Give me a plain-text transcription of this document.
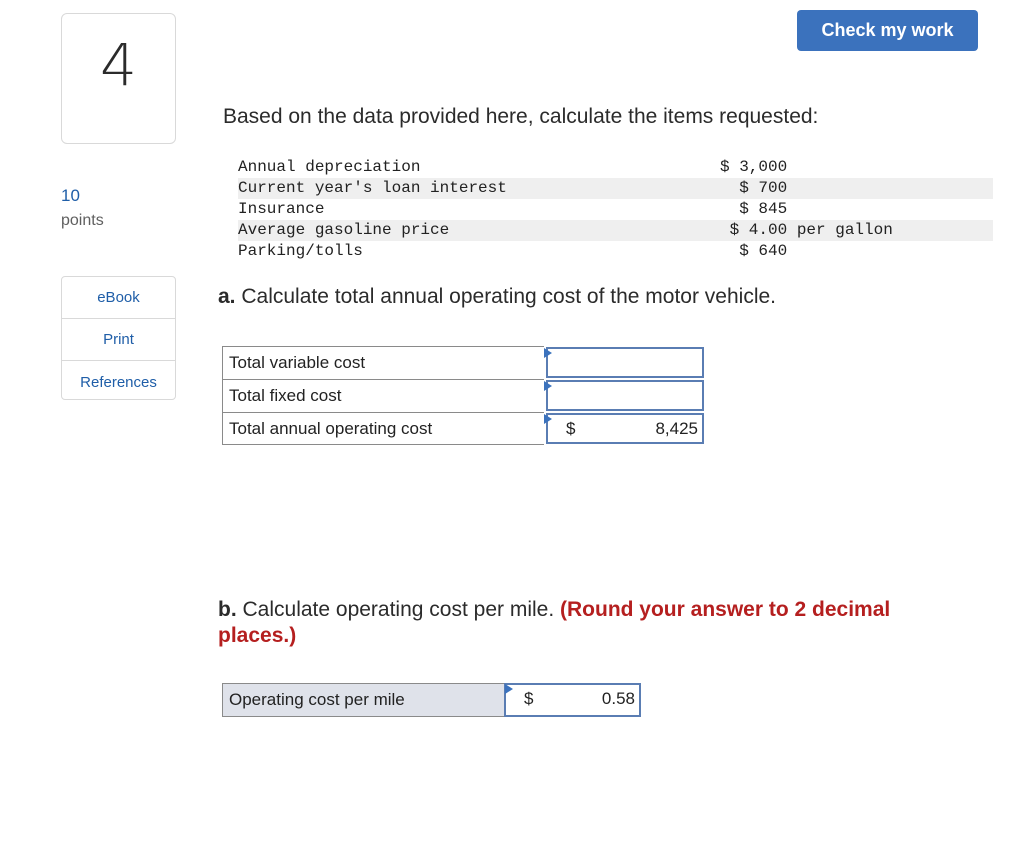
4
10
points
eBook
Print
References
Check my work
Based on the data provided here, calculate the items requested:
Annual depreciation	$ 3,000
Current year's loan interest	$ 700
Insurance	$ 845
Average gasoline price	$ 4.00 per gallon
Parking/tolls	$ 640
a. Calculate total annual operating cost of the motor vehicle.
Total variable cost
Total fixed cost
Total annual operating cost	$	8,425
b. Calculate operating cost per mile. (Round your answer to 2 decimal places.)
Operating cost per mile	$	0.58
